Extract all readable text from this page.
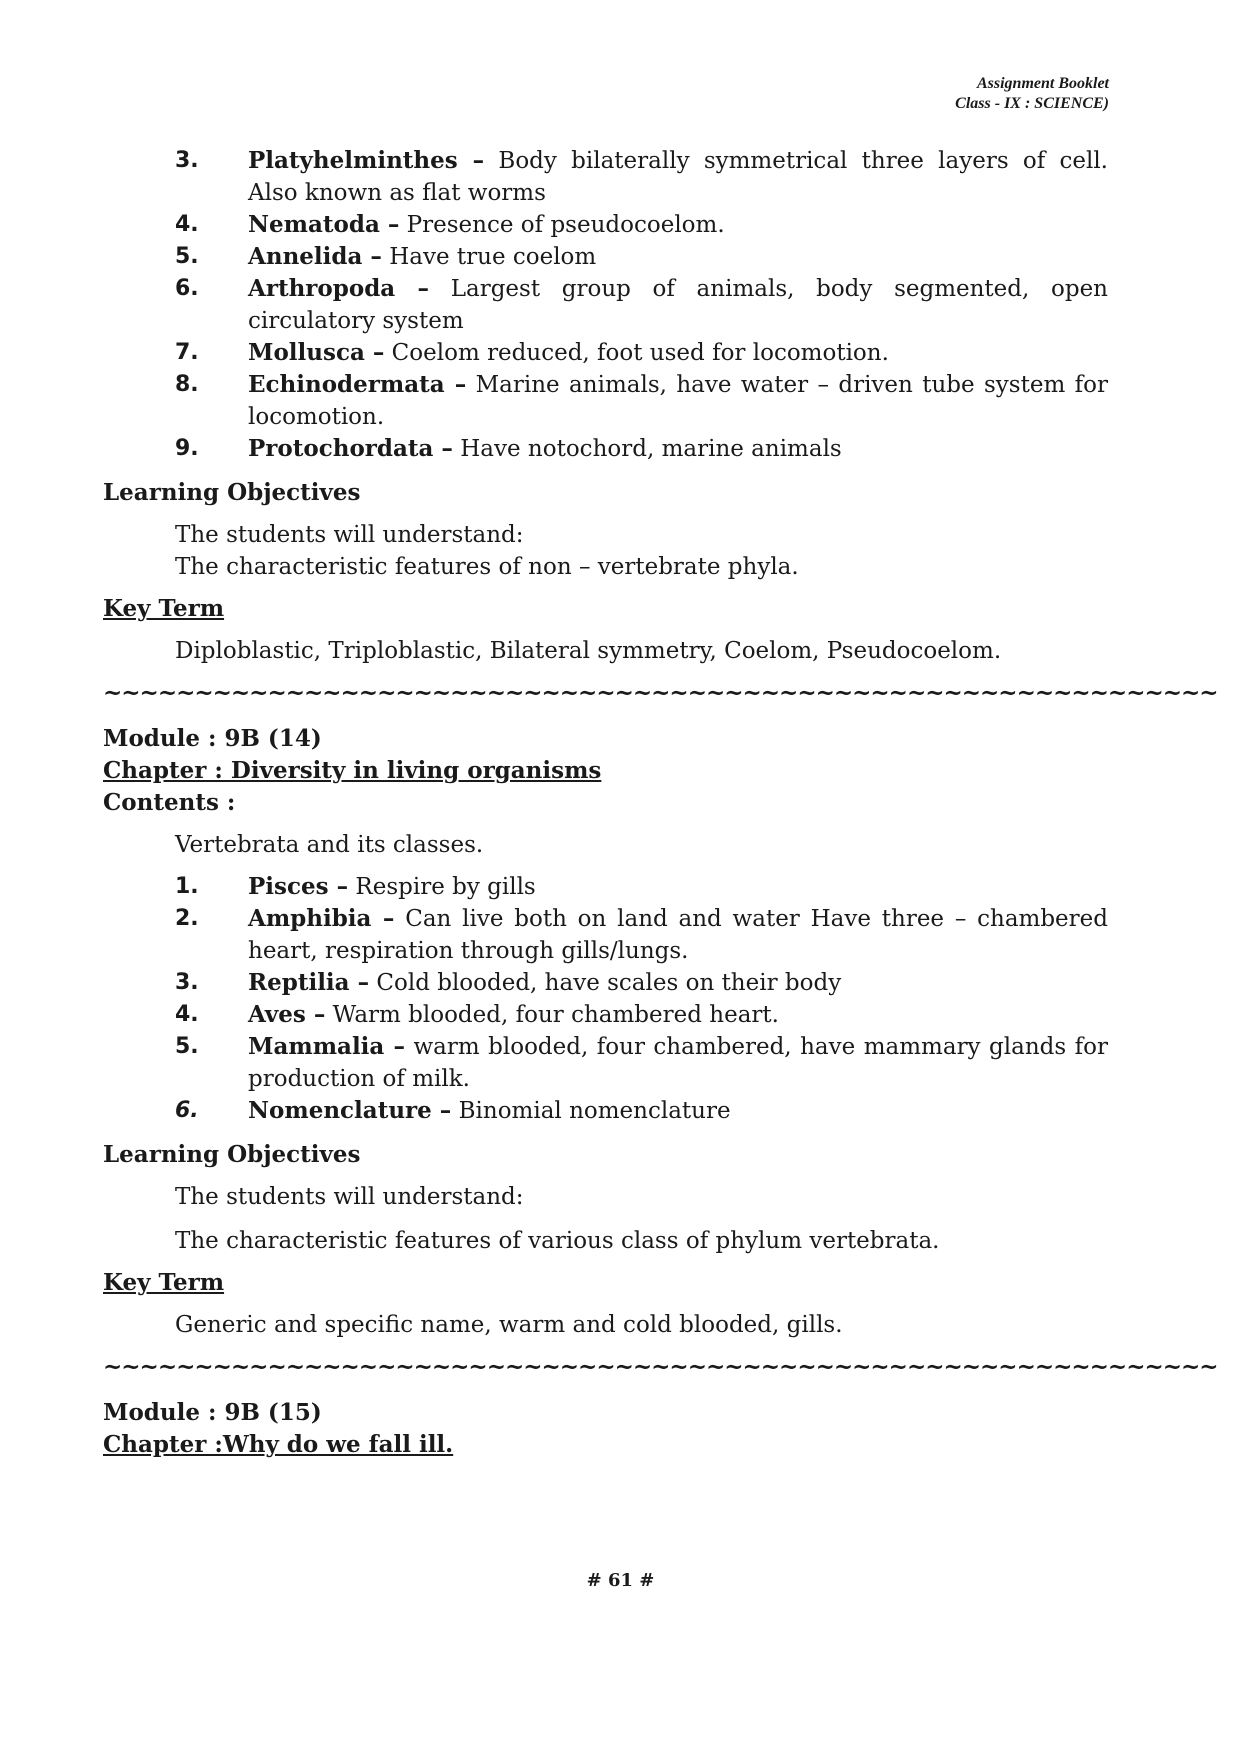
Assignment Booklet
Class - IX : SCIENCE)
3.	Platyhelminthes – Body bilaterally symmetrical three layers of cell. Also known as flat worms
4.	Nematoda – Presence of pseudocoelom.
5.	Annelida – Have true coelom
6.	Arthropoda – Largest group of animals, body segmented, open circulatory system
7.	Mollusca – Coelom reduced, foot used for locomotion.
8.	Echinodermata – Marine animals, have water – driven tube system for locomotion.
9.	Protochordata – Have notochord, marine animals
Learning Objectives
The students will understand:
The characteristic features of non – vertebrate phyla.
Key Term
Diploblastic, Triploblastic, Bilateral symmetry, Coelom, Pseudocoelom.
~~~~~~~~~~~~~~~~~~~~~~~~~~~~~~~~~~~~~~~~~~~~~~~~~~~~~~~~~~~~~
Module : 9B (14)
Chapter : Diversity in living organisms
Contents :
Vertebrata and its classes.
1.	Pisces – Respire by gills
2.	Amphibia – Can live both on land and water Have three – chambered heart, respiration through gills/lungs.
3.	Reptilia – Cold blooded, have scales on their body
4.	Aves – Warm blooded, four chambered heart.
5.	Mammalia – warm blooded, four chambered, have mammary glands for production of milk.
6.	Nomenclature – Binomial nomenclature
Learning Objectives
The students will understand:
The characteristic features of various class of phylum vertebrata.
Key Term
Generic and specific name, warm and cold blooded, gills.
~~~~~~~~~~~~~~~~~~~~~~~~~~~~~~~~~~~~~~~~~~~~~~~~~~~~~~~~~~~~~
Module : 9B (15)
Chapter :Why do we fall ill.
# 61 #
